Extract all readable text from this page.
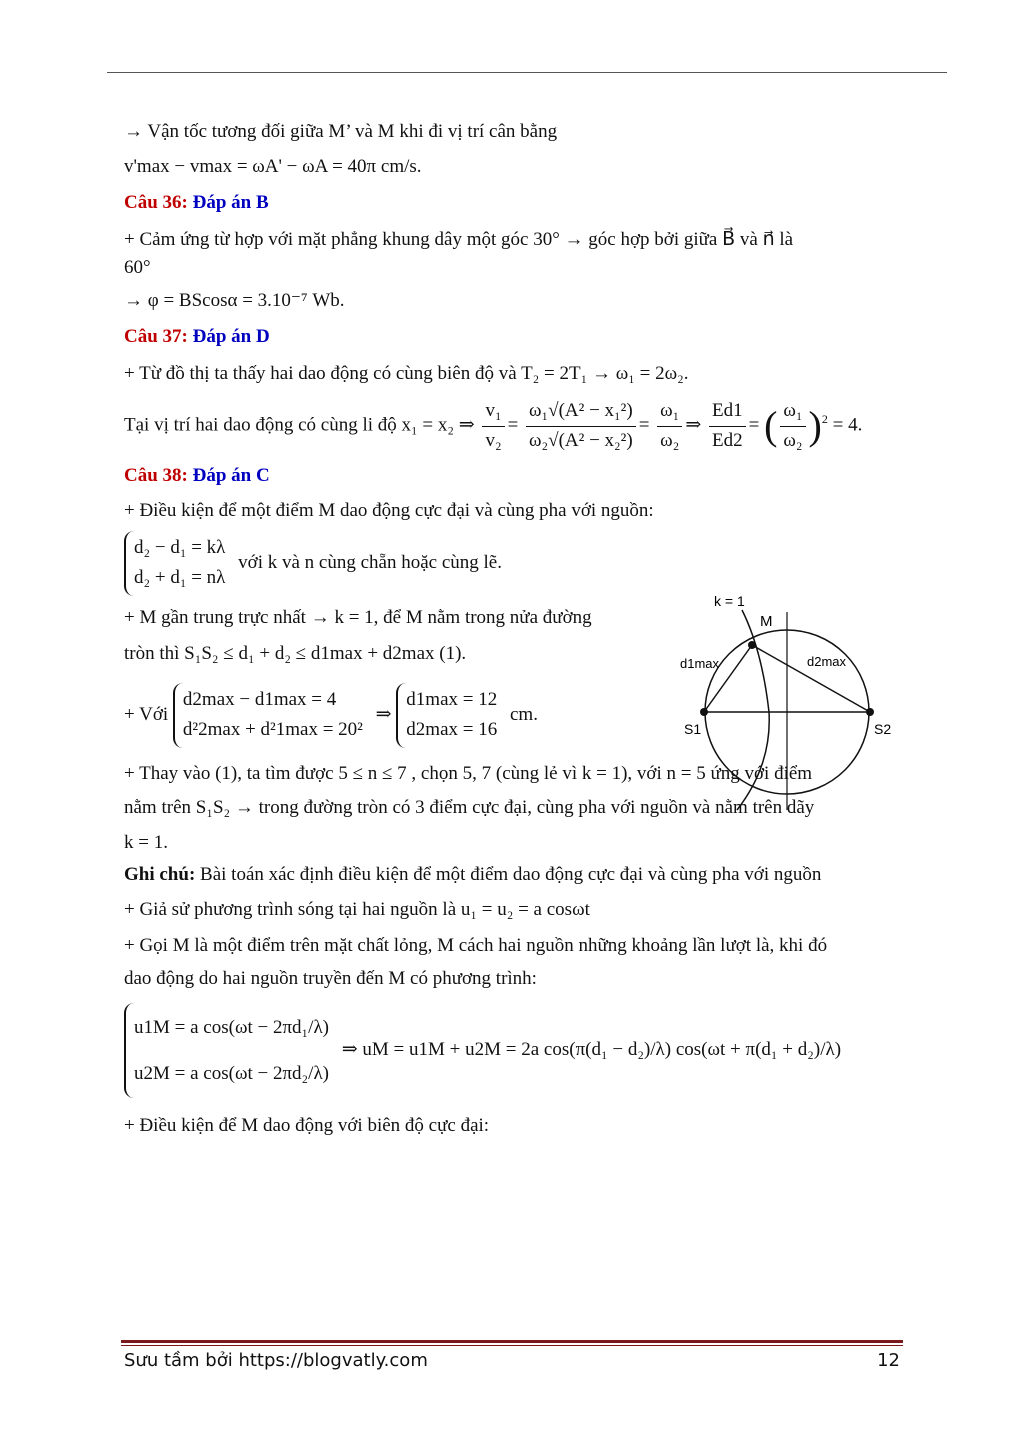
→ Vận tốc tương đối giữa M’ và M khi đi vị trí cân bằng

v'max − vmax = ωA' − ωA = 40π cm/s.

Câu 36: Đáp án B

+ Cảm ứng từ hợp với mặt phẳng khung dây một góc 30° → góc hợp bởi giữa B⃗ và n⃗ là

60°

→ φ = BScosα = 3.10⁻⁷ Wb.

Câu 37: Đáp án D

+ Từ đồ thị ta thấy hai dao động có cùng biên độ và T₂ = 2T₁ → ω₁ = 2ω₂.

Tại vị trí hai dao động có cùng li độ x₁ = x₂ ⇒ $\frac{\text{v₁}}{\text{v₂}} = \frac{\text{ω₁√(A² − x₁²)}}{\text{ω₂√(A² − x₂²)}} = \frac{\text{ω₁}}{\text{ω₂}}$ ⇒ $\frac{Ed1}{Ed2}$ = ( $\frac{\text{ω₁}}{\text{ω₂}} )^2 = 4$.

Câu 38: Đáp án C

+ Điều kiện để một điểm M dao động cực đại và cùng pha với nguồn:

d₂ − d₁ = kλ
d₂ + d₁ = nλ
với k và n cùng chẵn hoặc cùng lẽ.

+ M gần trung trực nhất → k = 1, để M nằm trong nửa đường

tròn thì S₁S₂ ≤ d₁ + d₂ ≤ d1max + d2max (1).

+ Với
d2max − d1max = 4
d²2max + d²1max = 20²
⇒
d1max = 12
d2max = 16
cm.

+ Thay vào (1), ta tìm được 5 ≤ n ≤ 7 , chọn 5, 7 (cùng lẻ vì k = 1), với n = 5 ứng với điểm

nằm trên S₁S₂ → trong đường tròn có 3 điểm cực đại, cùng pha với nguồn và nằm trên dãy

k = 1.

Ghi chú: Bài toán xác định điều kiện để một điểm dao động cực đại và cùng pha với nguồn

+ Giả sử phương trình sóng tại hai nguồn là u₁ = u₂ = a cosωt

+ Gọi M là một điểm trên mặt chất lỏng, M cách hai nguồn những khoảng lần lượt là, khi đó

dao động do hai nguồn truyền đến M có phương trình:

u1M = a cos(ωt − 2πd₁/λ)
u2M = a cos(ωt − 2πd₂/λ)
⇒ uM = u1M + u2M = 2a cos(π(d₁ − d₂)/λ) cos(ωt + π(d₁ + d₂)/λ)

+ Điều kiện để M dao động với biên độ cực đại:

k = 1
M
d1max	d2max
S1	S2
Sưu tầm bởi https://blogvatly.com	12
